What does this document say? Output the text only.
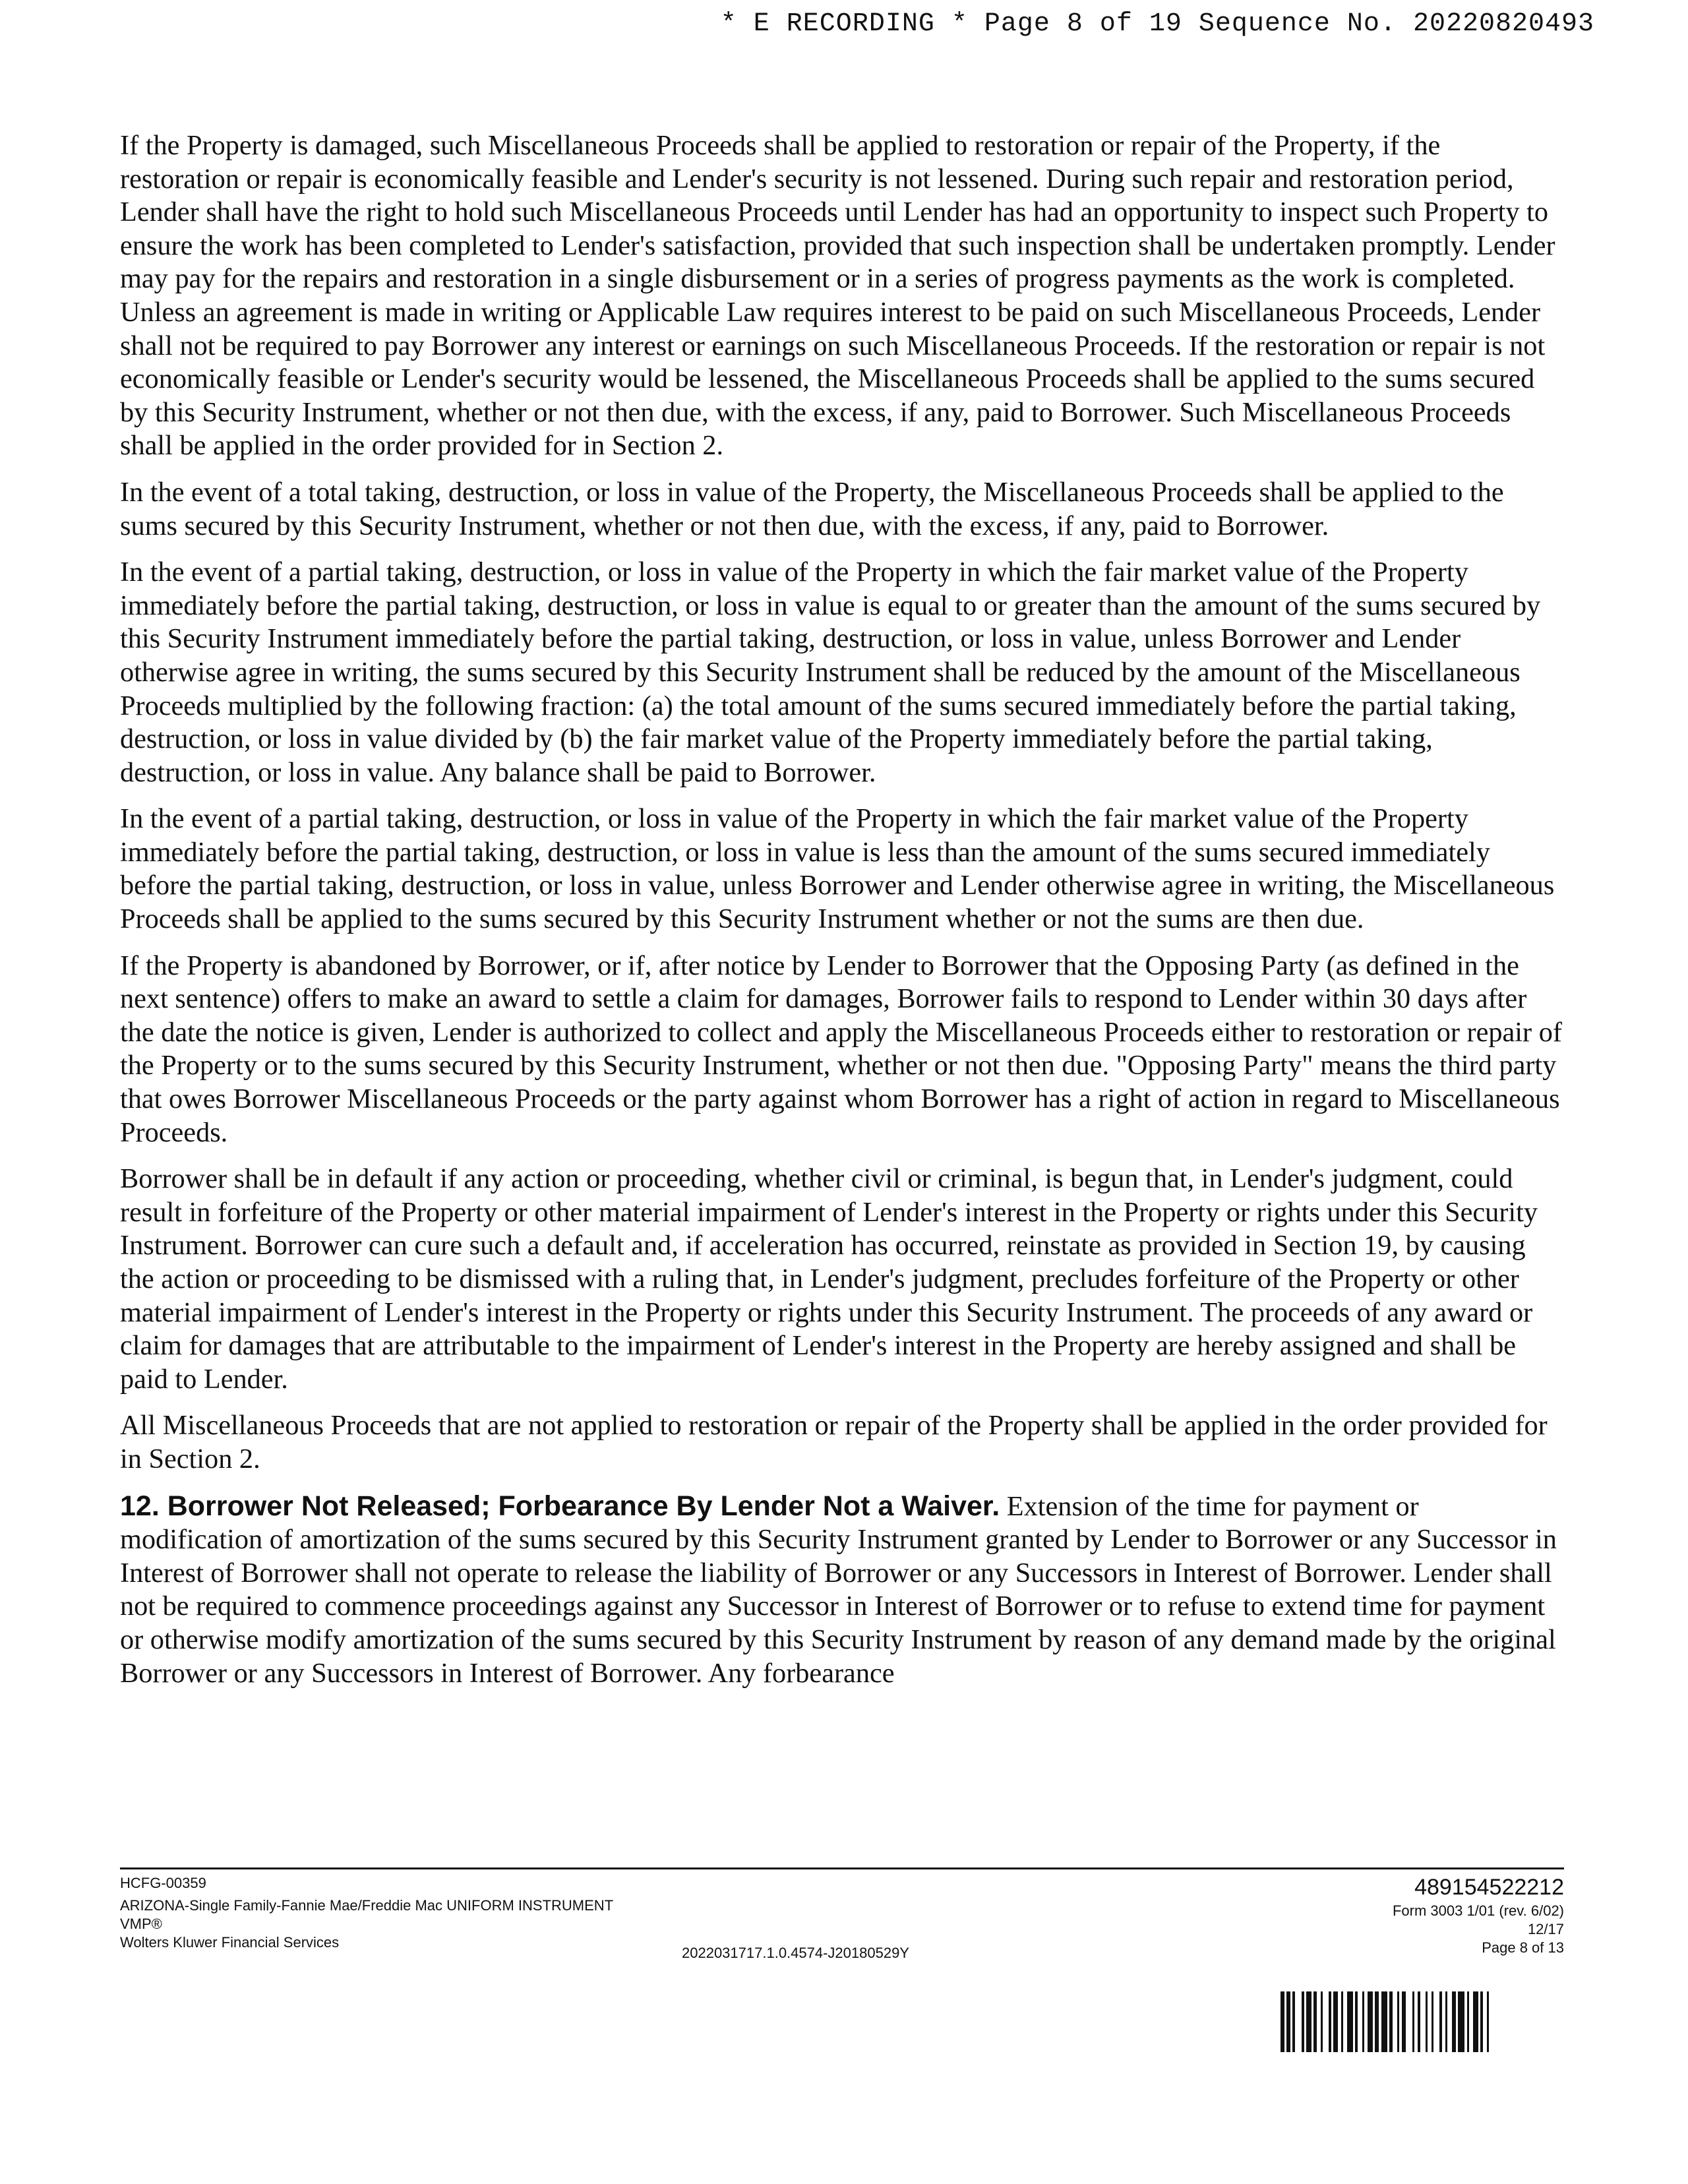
* E RECORDING * Page 8 of 19 Sequence No. 20220820493

If the Property is damaged, such Miscellaneous Proceeds shall be applied to restoration or repair of the Property, if the restoration or repair is economically feasible and Lender's security is not lessened. During such repair and restoration period, Lender shall have the right to hold such Miscellaneous Proceeds until Lender has had an opportunity to inspect such Property to ensure the work has been completed to Lender's satisfaction, provided that such inspection shall be undertaken promptly. Lender may pay for the repairs and restoration in a single disbursement or in a series of progress payments as the work is completed. Unless an agreement is made in writing or Applicable Law requires interest to be paid on such Miscellaneous Proceeds, Lender shall not be required to pay Borrower any interest or earnings on such Miscellaneous Proceeds. If the restoration or repair is not economically feasible or Lender's security would be lessened, the Miscellaneous Proceeds shall be applied to the sums secured by this Security Instrument, whether or not then due, with the excess, if any, paid to Borrower. Such Miscellaneous Proceeds shall be applied in the order provided for in Section 2.

In the event of a total taking, destruction, or loss in value of the Property, the Miscellaneous Proceeds shall be applied to the sums secured by this Security Instrument, whether or not then due, with the excess, if any, paid to Borrower.

In the event of a partial taking, destruction, or loss in value of the Property in which the fair market value of the Property immediately before the partial taking, destruction, or loss in value is equal to or greater than the amount of the sums secured by this Security Instrument immediately before the partial taking, destruction, or loss in value, unless Borrower and Lender otherwise agree in writing, the sums secured by this Security Instrument shall be reduced by the amount of the Miscellaneous Proceeds multiplied by the following fraction: (a) the total amount of the sums secured immediately before the partial taking, destruction, or loss in value divided by (b) the fair market value of the Property immediately before the partial taking, destruction, or loss in value. Any balance shall be paid to Borrower.

In the event of a partial taking, destruction, or loss in value of the Property in which the fair market value of the Property immediately before the partial taking, destruction, or loss in value is less than the amount of the sums secured immediately before the partial taking, destruction, or loss in value, unless Borrower and Lender otherwise agree in writing, the Miscellaneous Proceeds shall be applied to the sums secured by this Security Instrument whether or not the sums are then due.

If the Property is abandoned by Borrower, or if, after notice by Lender to Borrower that the Opposing Party (as defined in the next sentence) offers to make an award to settle a claim for damages, Borrower fails to respond to Lender within 30 days after the date the notice is given, Lender is authorized to collect and apply the Miscellaneous Proceeds either to restoration or repair of the Property or to the sums secured by this Security Instrument, whether or not then due. "Opposing Party" means the third party that owes Borrower Miscellaneous Proceeds or the party against whom Borrower has a right of action in regard to Miscellaneous Proceeds.

Borrower shall be in default if any action or proceeding, whether civil or criminal, is begun that, in Lender's judgment, could result in forfeiture of the Property or other material impairment of Lender's interest in the Property or rights under this Security Instrument. Borrower can cure such a default and, if acceleration has occurred, reinstate as provided in Section 19, by causing the action or proceeding to be dismissed with a ruling that, in Lender's judgment, precludes forfeiture of the Property or other material impairment of Lender's interest in the Property or rights under this Security Instrument. The proceeds of any award or claim for damages that are attributable to the impairment of Lender's interest in the Property are hereby assigned and shall be paid to Lender.

All Miscellaneous Proceeds that are not applied to restoration or repair of the Property shall be applied in the order provided for in Section 2.

12. Borrower Not Released; Forbearance By Lender Not a Waiver. Extension of the time for payment or modification of amortization of the sums secured by this Security Instrument granted by Lender to Borrower or any Successor in Interest of Borrower shall not operate to release the liability of Borrower or any Successors in Interest of Borrower. Lender shall not be required to commence proceedings against any Successor in Interest of Borrower or to refuse to extend time for payment or otherwise modify amortization of the sums secured by this Security Instrument by reason of any demand made by the original Borrower or any Successors in Interest of Borrower. Any forbearance

HCFG-00359
ARIZONA-Single Family-Fannie Mae/Freddie Mac UNIFORM INSTRUMENT
VMP®
Wolters Kluwer Financial Services
2022031717.1.0.4574-J20180529Y
489154522212
Form 3003 1/01 (rev. 6/02)
12/17
Page 8 of 13
